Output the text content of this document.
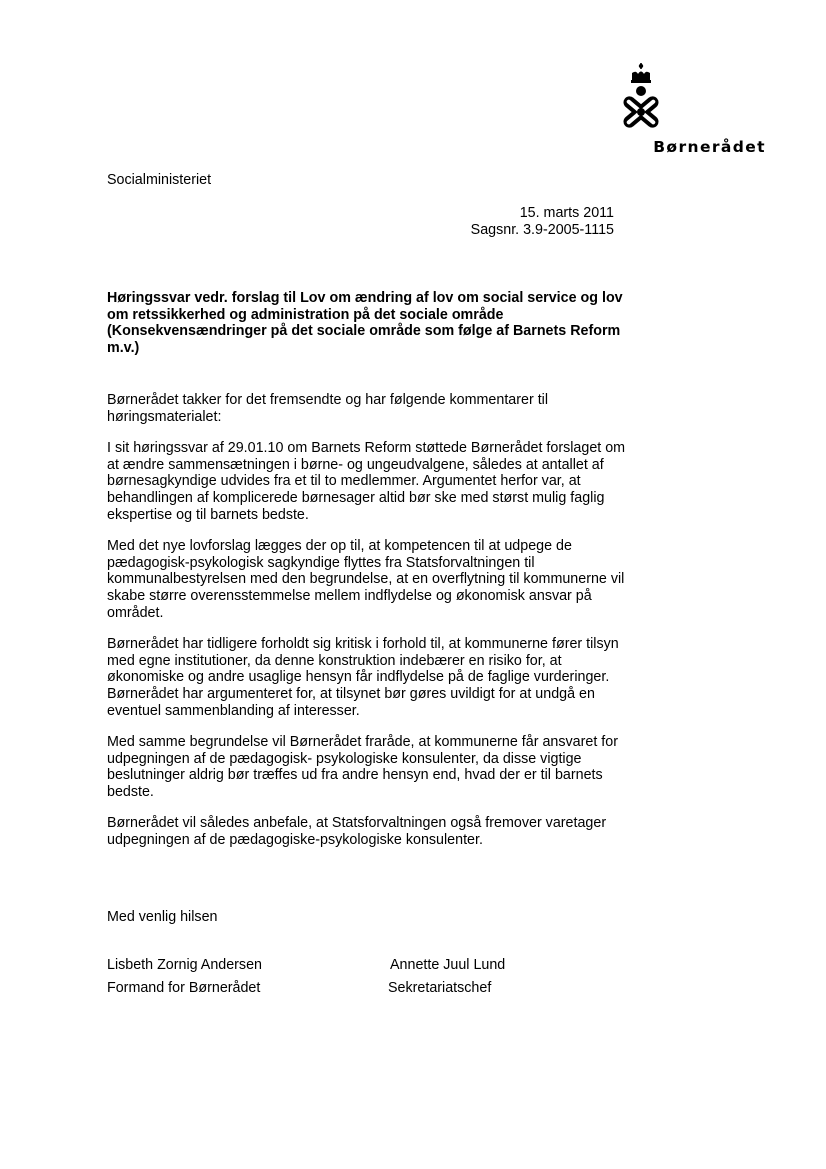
Børnerådet
Socialministeriet
15. marts 2011
Sagsnr. 3.9-2005-1115
Høringssvar vedr. forslag til Lov om ændring af lov om social service og lov om retssikkerhed og administration på det sociale område (Konsekvensændringer på det sociale område som følge af Barnets Reform m.v.)

Børnerådet takker for det fremsendte og har følgende kommentarer til høringsmaterialet:

I sit høringssvar af 29.01.10 om Barnets Reform støttede Børnerådet forslaget om at ændre sammensætningen i børne- og ungeudvalgene, således at antallet af børnesagkyndige udvides fra et til to medlemmer. Argumentet herfor var, at behandlingen af komplicerede børnesager altid bør ske med størst mulig faglig ekspertise og til barnets bedste.

Med det nye lovforslag lægges der op til, at kompetencen til at udpege de pædagogisk-psykologisk sagkyndige flyttes fra Statsforvaltningen til kommunalbestyrelsen med den begrundelse, at en overflytning til kommunerne vil skabe større overensstemmelse mellem indflydelse og økonomisk ansvar på området.

Børnerådet har tidligere forholdt sig kritisk i forhold til, at kommunerne fører tilsyn med egne institutioner, da denne konstruktion indebærer en risiko for, at økonomiske og andre usaglige hensyn får indflydelse på de faglige vurderinger. Børnerådet har argumenteret for, at tilsynet bør gøres uvildigt for at undgå en eventuel sammenblanding af interesser.

Med samme begrundelse vil Børnerådet fraråde, at kommunerne får ansvaret for udpegningen af de pædagogisk- psykologiske konsulenter, da disse vigtige beslutninger aldrig bør træffes ud fra andre hensyn end, hvad der er til barnets bedste.

Børnerådet vil således anbefale, at Statsforvaltningen også fremover varetager udpegningen af de pædagogiske-psykologiske konsulenter.

Med venlig hilsen
Lisbeth Zornig Andersen
Formand for Børnerådet
Annette Juul Lund
Sekretariatschef
